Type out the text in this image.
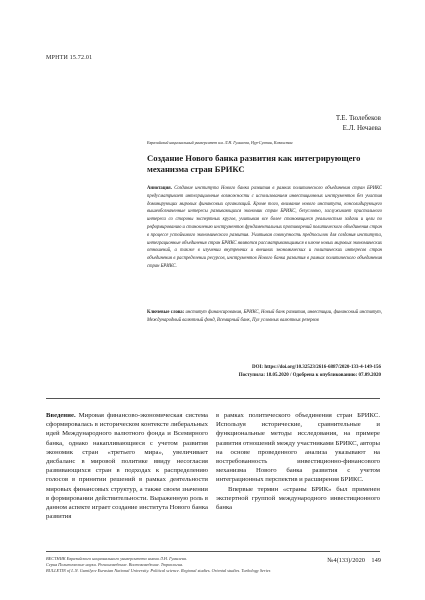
МРНТИ 15.72.01
Т.Е. Тюлебеков
Е.Л. Нечаева
Евразийский национальный университет им. Л.Н. Гумилева, Нур-Султан, Казахстан
Создание Нового банка развития как интегрирующего механизма стран БРИКС
Аннотация. Создание института Нового банка развития в рамках политического объединения стран БРИКС предусматривает интеграционные возможности с использованием инвестиционных инструментов без участия доминирующих мировых финансовых организаций. Кроме того, внимание нового института, консолидирующего вышеобозначенные интересы развивающихся экономик стран БРИКС, безусловно, заслуживает пристального интереса со стороны экспертных кругов, учитывая все более становящиеся реальностью задачи и цели по реформированию и становлению инструментов фундаментальных противоречий политического объединения стран в процессе устойчивого экономического развития. Учитывая совокупность предпосылок для создания института, интеграционные объединения стран БРИКС являются рассматривающимися в ключе новых мировых экономических отношений, а также в изучении внутренних и внешних экономических и политических интересов стран объединения в распределении ресурсов, инструментов Нового банка развития в рамках политического объединения стран БРИКС.
Ключевые слова: институт финансирования, БРИКС, Новый банк развития, инвестиции, финансовый институт, Международный валютный фонд, Всемирный банк, Пул условных валютных резервов
DOI: https://doi.org/10.32523/2616-6887/2020-133-4-149-156
Поступила: 18.05.2020 / Одобрена к опубликованию: 07.09.2020
Введение. Мировая финансово-экономическая система сформировалась в историческом контексте либеральных идей Международного валютного фонда и Всемирного банка, однако накапливающиеся с учетом развития экономик стран «третьего мира», увеличивает дисбаланс в мировой политике ввиду несогласия развивающихся стран в подходах к распределению голосов в принятии решений в рамках деятельности мировых финансовых структур, а также своем значении в формировании действительности. Выраженную роль в данном аспекте играет создание института Нового банка развития

в рамках политического объединения стран БРИКС. Используя исторические, сравнительные и функциональные методы исследования, на примере развития отношений между участниками БРИКС, авторы на основе проведенного анализа указывают на востребованность инвестиционно-финансового механизма Нового банка развития с учетом интеграционных перспектив и расширения БРИКС.

Впервые термин «страны БРИК» был применен экспертной группой международного инвестиционного банка

ВЕСТНИК Евразийского национального университета имени Л.Н. Гумилева.
Серия Политические науки. Регионоведение. Востоковедение. Тюркология.
BULLETIN of L.N. Gumilyov Eurasian National University. Political science. Regional studies. Oriental studies. Turkology Series
№4(133)/2020 149
